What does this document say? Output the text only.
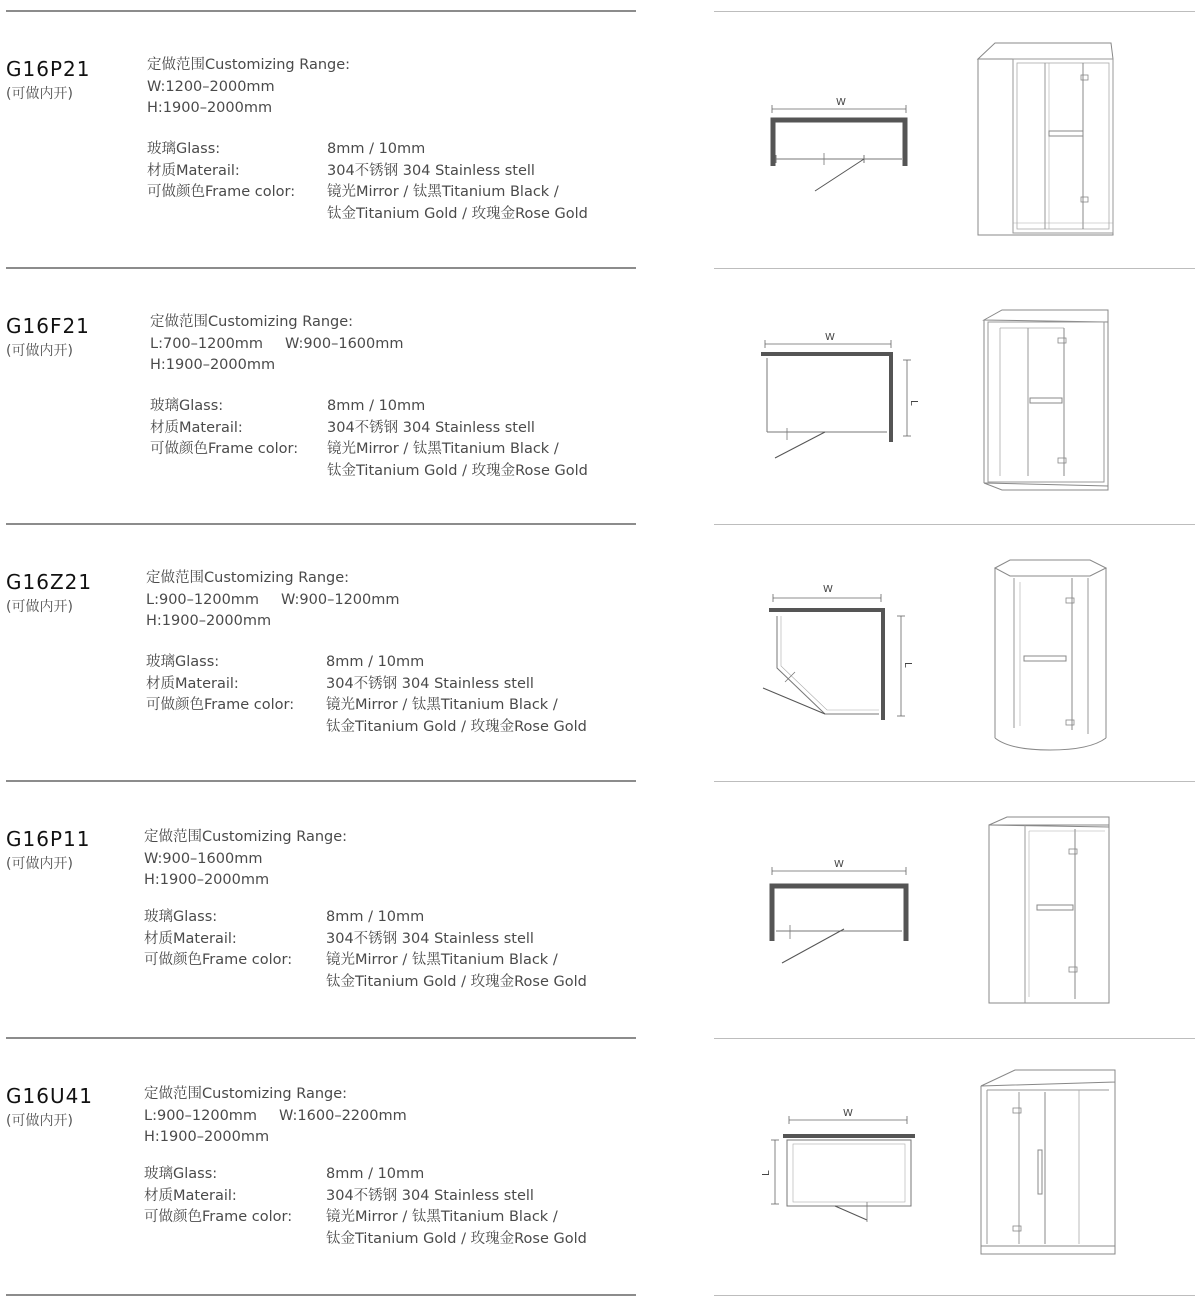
G16P21
(可做内开)
定做范围Customizing Range:
W:1200–2000mm
H:1900–2000mm
玻璃Glass:	8mm / 10mm
材质Materail:	304不锈钢 304 Stainless stell
可做颜色Frame color: 镜光Mirror / 钛黑Titanium Black /
钛金Titanium Gold / 玫瑰金Rose Gold
W
G16F21
(可做内开)
定做范围Customizing Range:
L:700–1200mm W:900–1600mm
H:1900–2000mm
玻璃Glass:	8mm / 10mm
材质Materail:	304不锈钢 304 Stainless stell
可做颜色Frame color: 镜光Mirror / 钛黑Titanium Black /
钛金Titanium Gold / 玫瑰金Rose Gold
W
L
G16Z21
(可做内开)
定做范围Customizing Range:
L:900–1200mm W:900–1200mm
H:1900–2000mm
玻璃Glass:	8mm / 10mm
材质Materail:	304不锈钢 304 Stainless stell
可做颜色Frame color: 镜光Mirror / 钛黑Titanium Black /
钛金Titanium Gold / 玫瑰金Rose Gold
W
L
G16P11
(可做内开)
定做范围Customizing Range:
W:900–1600mm
H:1900–2000mm
玻璃Glass:	8mm / 10mm
材质Materail:	304不锈钢 304 Stainless stell
可做颜色Frame color: 镜光Mirror / 钛黑Titanium Black /
钛金Titanium Gold / 玫瑰金Rose Gold
W
G16U41
(可做内开)
定做范围Customizing Range:
L:900–1200mm W:1600–2200mm
H:1900–2000mm
玻璃Glass:	8mm / 10mm
材质Materail:	304不锈钢 304 Stainless stell
可做颜色Frame color: 镜光Mirror / 钛黑Titanium Black /
钛金Titanium Gold / 玫瑰金Rose Gold
W
L
